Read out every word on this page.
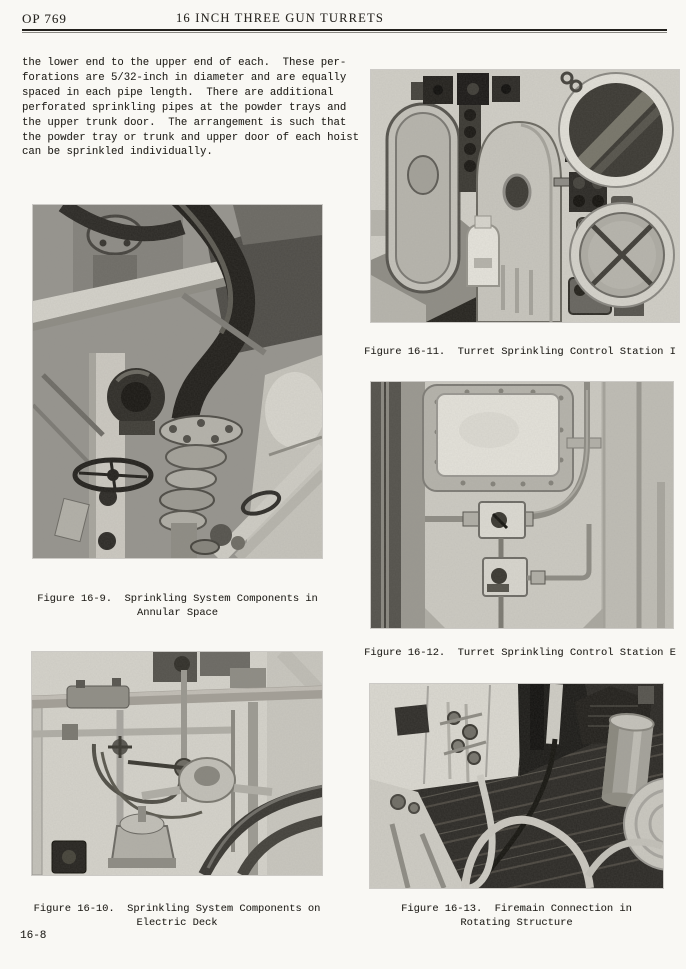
OP 769	16 INCH THREE GUN TURRETS
the lower end to the upper end of each.  These per-
forations are 5/32-inch in diameter and are equally
spaced in each pipe length.  There are additional
perforated sprinkling pipes at the powder trays and
the upper trunk door.  The arrangement is such that
the powder tray or trunk and upper door of each hoist
can be sprinkled individually.
Figure 16-9.  Sprinkling System Components in
Annular Space
Figure 16-11.  Turret Sprinkling Control Station I
Figure 16-12.  Turret Sprinkling Control Station E
Figure 16-10.  Sprinkling System Components on
Electric Deck
Figure 16-13.  Firemain Connection in
Rotating Structure
16-8
